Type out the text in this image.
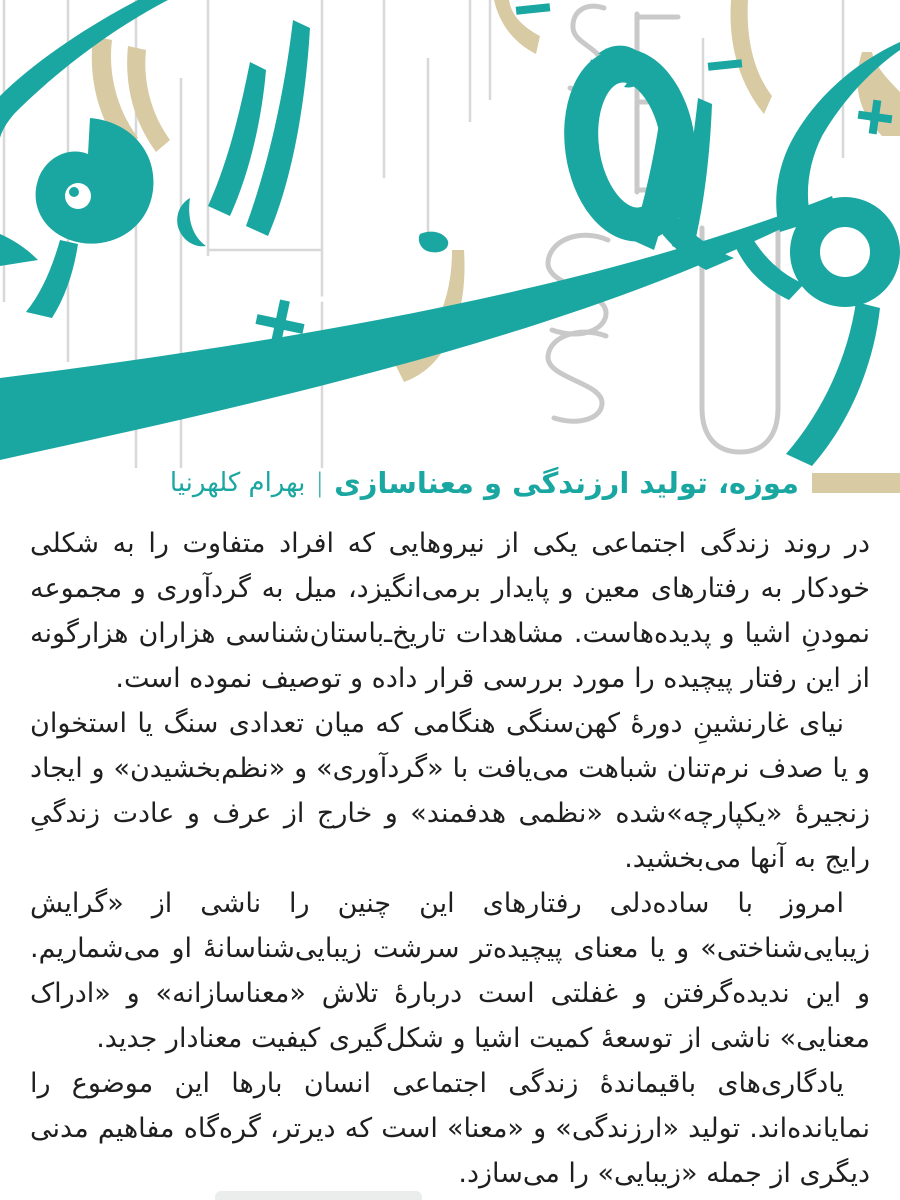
موزه، تولید ارزندگی و معناسازی
|
بهرام کلهرنیا

در روند زندگی اجتماعی یکی از نیروهایی که افراد متفاوت را به شکلی خودکار به رفتارهای معین و پایدار برمی‌انگیزد، میل به گردآوری و مجموعه نمودنِ اشیا و پدیده‌هاست. مشاهدات تاریخ‌ـ‌باستان‌شناسی هزاران هزارگونه از این رفتار پیچیده را مورد بررسی قرار داده و توصیف نموده است.

نیای غارنشینِ دورهٔ کهن‌سنگی هنگامی که میان تعدادی سنگ یا استخوان و یا صدف نرم‌تنان شباهت می‌یافت با «گردآوری» و «نظم‌بخشیدن» و ایجاد زنجیرهٔ «یکپارچه»‌شده «نظمی هدفمند» و خارج از عرف و عادت زندگیِ رایج به آنها می‌بخشید.

امروز با ساده‌دلی رفتارهای این چنین را ناشی از «گرایش زیبایی‌شناختی» و یا معنای پیچیده‌تر سرشت زیبایی‌شناسانهٔ او می‌شماریم. و این ندیده‌گرفتن و غفلتی است دربارهٔ تلاش «معناسازانه» و «ادراک معنایی» ناشی از توسعهٔ کمیت اشیا و شکل‌گیری کیفیت معنادار جدید.

یادگاری‌های باقیماندهٔ زندگی اجتماعی انسان بارها این موضوع را نمایانده‌اند. تولید «ارزندگی» و «معنا» است که دیرتر، گره‌گاه مفاهیم مدنی دیگری از جمله «زیبایی» را می‌سازد.
